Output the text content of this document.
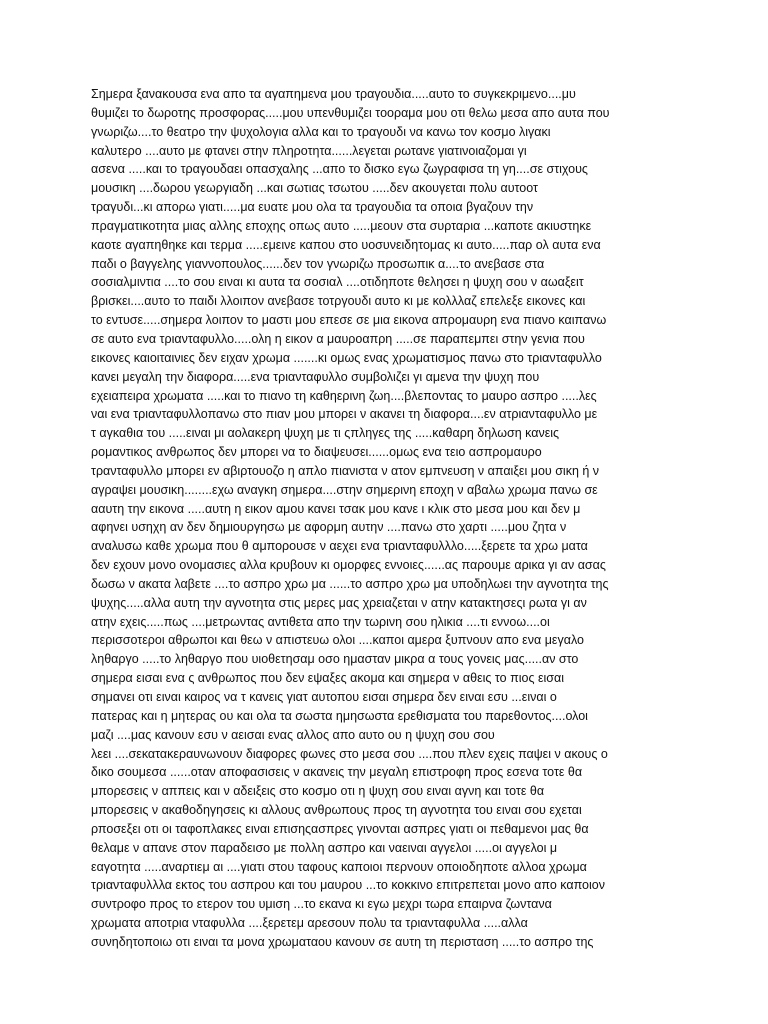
Σημερα ξανακουσα ενα απο τα αγαπημενα μου τραγουδια.....αυτο το συγκεκριμενο....μυ

θυμιζει το δωροτης προσφορας.....μου υπενθυμιζει τοοραμα μου οτι θελω μεσα απο αυτα που

γνωριζω....το θεατρο την ψυχολογια αλλα και το τραγουδι να κανω τον κοσμο λιγακι

καλυτερο ....αυτο με φτανει στην πληροτητα......λεγεται ρωτανε γιατινοιαζομαι γι

ασενα .....και το τραγουδαει οπασχαλης ...απο το δισκο εγω ζωγραφισα τη γη....σε στιχους

μουσικη ....δωρου γεωργιαδη ...και σωτιας τσωτου .....δεν ακουγεται πολυ αυτοοτ

τραγυδι...κι απορω γιατι.....μα ευατε μου ολα τα τραγουδια τα οποια βγαζουν την

πραγματικοτητα μιας αλλης εποχης οπως αυτο .....μεουν στα συρταρια ...καποτε ακιυστηκε

καοτε αγαπηθηκε και τερμα .....εμεινε καπου στο υοσυνειδητομας κι αυτο.....παρ ολ αυτα ενα

παδι ο βαγγελης γιαννοπουλος......δεν τον γνωριζω προσωπικ α....το ανεβασε στα

σοσιαλμιντια ....το σου ειναι κι αυτα τα σοσιαλ ....οτιδηποτε θελησει η ψυχη σου ν αωαξειτ

βρισκει....αυτο το παιδι λλοιπον ανεβασε τοτργουδι αυτο κι με κολλλαζ επελεξε εικονες και

το εντυσε.....σημερα λοιπον το μαστι μου επεσε σε μια εικονα απρομαυρη ενα πιανο καιπανω

σε αυτο ενα τριανταφυλλο.....ολη η εικον α μαυροαπρη .....σε παραπεμπει στην γενια που

εικονες καιοιταινιες δεν ειχαν χρωμα .......κι ομως ενας χρωματισμος πανω στο τριανταφυλλο

κανει μεγαλη την διαφορα.....ενα τριανταφυλλο συμβολιζει γι αμενα την ψυχη που

εχειαπειρα χρωματα .....και το πιανο τη καθηερινη ζωη....βλεποντας το μαυρο ασπρο .....λες

ναι ενα τριανταφυλλοπανω στο πιαν μου μπορει ν ακανει τη διαφορα....εν ατριανταφυλλο με

τ αγκαθια του .....ειναι μι αολακερη ψυχη με τι ςπληγες της .....καθαρη δηλωση κανεις

ρομαντικος ανθρωπος δεν μπορει να το διαψευσει......ομως ενα τειο ασπρομαυρο

τρανταφυλλο μπορει εν αβιρτουοζο η απλο πιανιστα ν ατον εμπνευση ν απαιξει μου σικη ή ν

αγραψει μουσικη........εχω αναγκη σημερα....στην σημερινη εποχη ν αβαλω χρωμα πανω σε

ααυτη την εικονα .....αυτη η εικον αμου κανει τσακ μου κανε ι κλικ στο μεσα μου και δεν μ

αφηνει υσηχη αν δεν δημιουργησω με αφορμη αυτην ....πανω στο χαρτι .....μου ζητα ν

αναλυσω καθε χρωμα που θ αμπορουσε ν αεχει ενα τριανταφυλλλο.....ξερετε τα χρω ματα

δεν εχουν μονο ονομασιες αλλα κρυβουν κι ομορφες εννοιες......ας παρουμε αρικα γι αν ασας

δωσω ν ακατα λαβετε ....το ασπρο χρω μα ......το ασπρο χρω μα υποδηλωει την αγνοτητα της

ψυχης.....αλλα αυτη την αγνοτητα στις μερες μας χρειαζεται ν ατην κατακτησεςι ρωτα γι αν

ατην εχεις.....πως ....μετρωντας αντιθετα απο την τωρινη σου ηλικια ....τι εννοω....οι

περισσοτεροι αθρωποι και θεω ν απιστευω ολοι ....καποι αμερα ξυπνουν απο ενα μεγαλο

ληθαργο .....το ληθαργο που υιοθετησαμ οσο ημασταν μικρα α τους γονεις μας.....αν στο

σημερα εισαι ενα ς ανθρωπος που δεν εψαξες ακομα και σημερα ν αθεις το πιος εισαι

σημανει οτι ειναι καιρος να τ κανεις γιατ αυτοπου εισαι σημερα δεν ειναι εσυ ...ειναι ο

πατερας και η μητερας ου και ολα τα σωστα ημησωστα ερεθισματα του παρεθοντος....ολοι

μαζι ....μας κανουν εσυ ν αεισαι ενας αλλος απο αυτο ου η ψυχη σου σου

λεει ....σεκατακεραυνωνουν διαφορες φωνες στο μεσα σου ....που πλεν εχεις παψει ν ακους ο

δικο σουμεσα ......οταν αποφασισεις ν ακανεις την μεγαλη επιστροφη προς εσενα τοτε θα

μπορεσεις ν αππεις και ν αδειξεις στο κοσμο οτι η ψυχη σου ειναι αγνη και τοτε θα

μπορεσεις ν ακαθοδηγησεις κι αλλους ανθρωπους προς τη αγνοτητα του ειναι σου εχεται

ρποσεξει οτι οι ταφοπλακες ειναι επισηςασπρες γινονται ασπρες γιατι οι πεθαμενοι μας θα

θελαμε ν απανε στον παραδεισο με πολλη ασπρο και ναειναι αγγελοι .....οι αγγελοι μ

εαγοτητα .....αναρτιεμ αι ....γιατι στου ταφους καποιοι περνουν οποιοδηποτε αλλοα χρωμα

τριανταφυλλλα εκτος του ασπρου και του μαυρου ...το κοκκινο επιτρεπεται μονο απο καποιον

συντροφο προς το ετερον του υμιση ...το εκανα κι εγω μεχρι τωρα επαιρνα ζωντανα

χρωματα αποτρια νταφυλλα ....ξερετεμ αρεσουν πολυ τα τριανταφυλλα .....αλλα

συνηδητοποιω οτι ειναι τα μονα χρωματαου κανουν σε αυτη τη περισταση .....το ασπρο της
